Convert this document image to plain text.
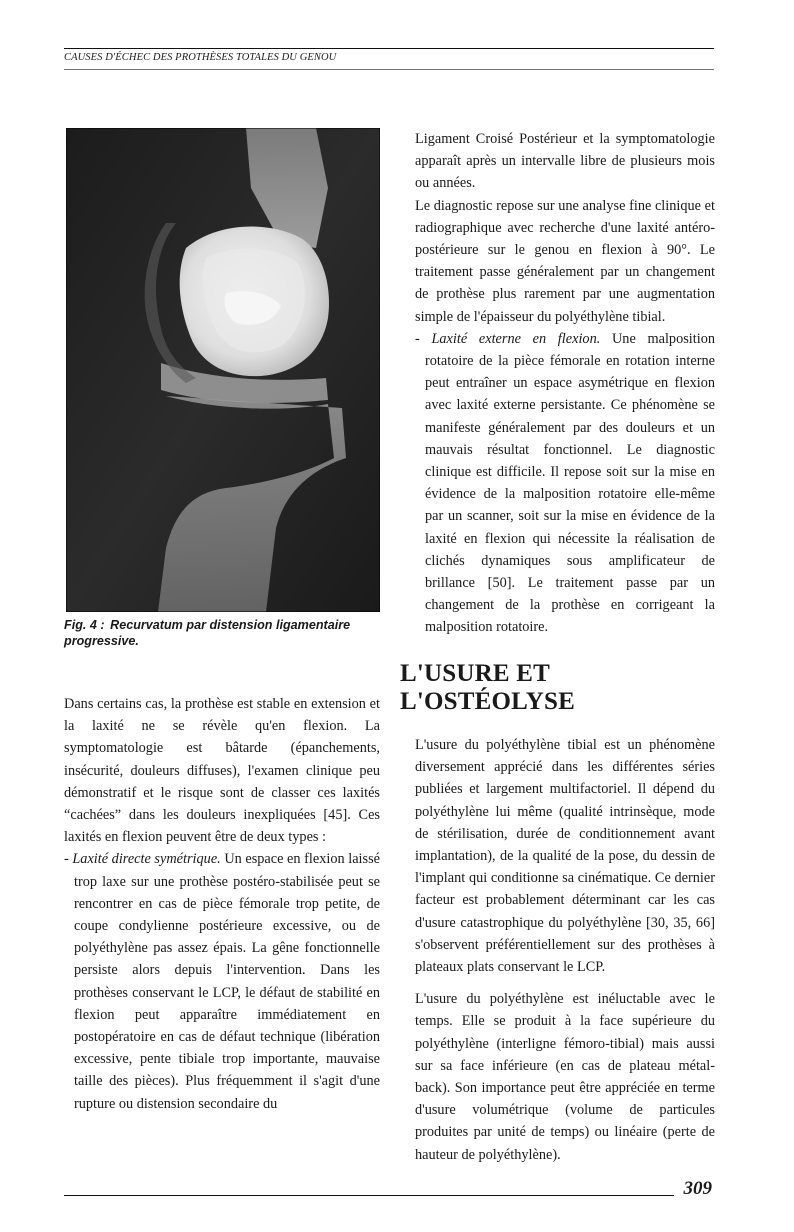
CAUSES D'ÉCHEC DES PROTHÈSES TOTALES DU GENOU
Fig. 4 : Recurvatum par distension ligamentaire progressive.

Dans certains cas, la prothèse est stable en extension et la laxité ne se révèle qu'en flexion. La symptomatologie est bâtarde (épanchements, insécurité, douleurs diffuses), l'examen clinique peu démonstratif et le risque sont de classer ces laxités “cachées” dans les douleurs inexpliquées [45]. Ces laxités en flexion peuvent être de deux types :

- Laxité directe symétrique. Un espace en flexion laissé trop laxe sur une prothèse postéro-stabilisée peut se rencontrer en cas de pièce fémorale trop petite, de coupe condylienne postérieure excessive, ou de polyéthylène pas assez épais. La gêne fonctionnelle persiste alors depuis l'intervention. Dans les prothèses conservant le LCP, le défaut de stabilité en flexion peut apparaître immédiatement en postopératoire en cas de défaut technique (libération excessive, pente tibiale trop importante, mauvaise taille des pièces). Plus fréquemment il s'agit d'une rupture ou distension secondaire du

Ligament Croisé Postérieur et la symptomatologie apparaît après un intervalle libre de plusieurs mois ou années.

Le diagnostic repose sur une analyse fine clinique et radiographique avec recherche d'une laxité antéro-postérieure sur le genou en flexion à 90°. Le traitement passe généralement par un changement de prothèse plus rarement par une augmentation simple de l'épaisseur du polyéthylène tibial.

- Laxité externe en flexion. Une malposition rotatoire de la pièce fémorale en rotation interne peut entraîner un espace asymétrique en flexion avec laxité externe persistante. Ce phénomène se manifeste généralement par des douleurs et un mauvais résultat fonctionnel. Le diagnostic clinique est difficile. Il repose soit sur la mise en évidence de la malposition rotatoire elle-même par un scanner, soit sur la mise en évidence de la laxité en flexion qui nécessite la réalisation de clichés dynamiques sous amplificateur de brillance [50]. Le traitement passe par un changement de la prothèse en corrigeant la malposition rotatoire.

L'USURE ET L'OSTÉOLYSE

L'usure du polyéthylène tibial est un phénomène diversement apprécié dans les différentes séries publiées et largement multifactoriel. Il dépend du polyéthylène lui même (qualité intrinsèque, mode de stérilisation, durée de conditionnement avant implantation), de la qualité de la pose, du dessin de l'implant qui conditionne sa cinématique. Ce dernier facteur est probablement déterminant car les cas d'usure catastrophique du polyéthylène [30, 35, 66] s'observent préférentiellement sur des prothèses à plateaux plats conservant le LCP.

L'usure du polyéthylène est inéluctable avec le temps. Elle se produit à la face supérieure du polyéthylène (interligne fémoro-tibial) mais aussi sur sa face inférieure (en cas de plateau métal-back). Son importance peut être appréciée en terme d'usure volumétrique (volume de particules produites par unité de temps) ou linéaire (perte de hauteur de polyéthylène).

309
